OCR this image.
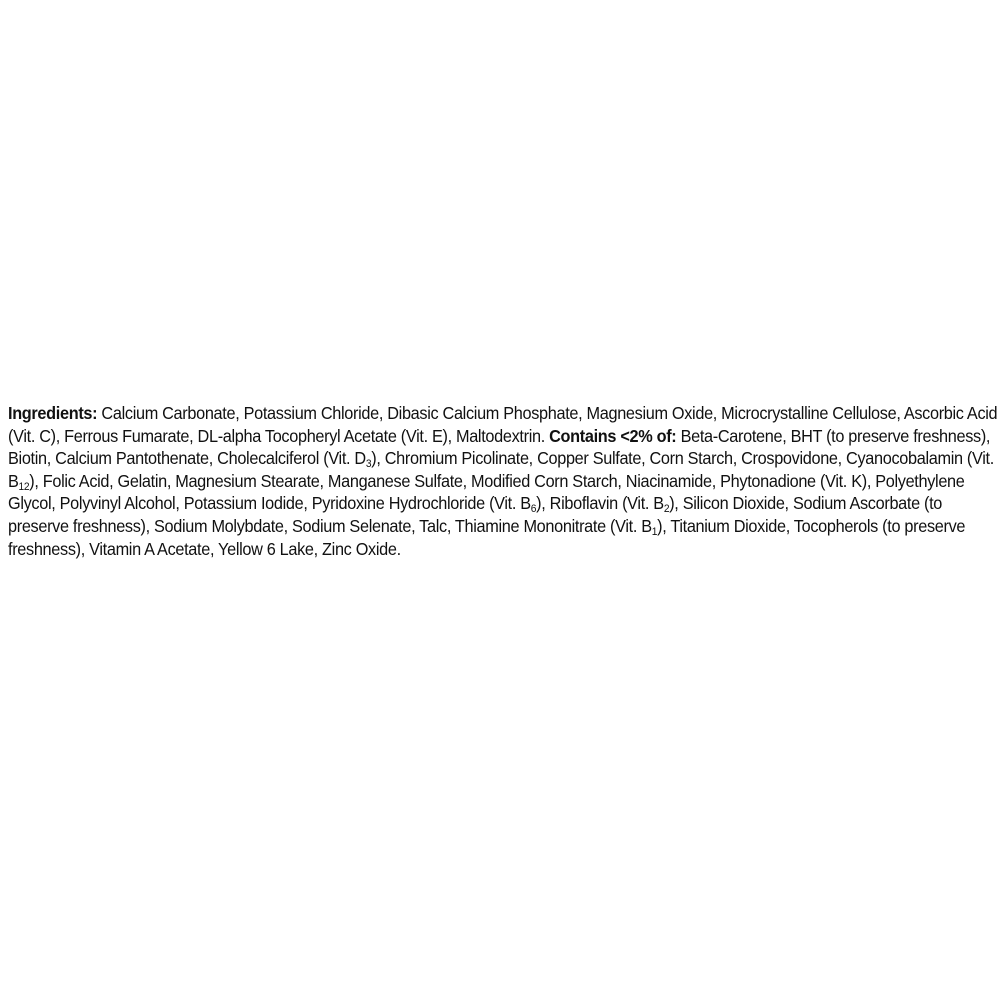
Ingredients: Calcium Carbonate, Potassium Chloride, Dibasic Calcium Phosphate, Magnesium Oxide, Microcrystalline Cellulose, Ascorbic Acid (Vit. C), Ferrous Fumarate, DL-alpha Tocopheryl Acetate (Vit. E), Maltodextrin. Contains <2% of: Beta-Carotene, BHT (to preserve freshness), Biotin, Calcium Pantothenate, Cholecalciferol (Vit. $D_3$), Chromium Picolinate, Copper Sulfate, Corn Starch, Crospovidone, Cyanocobalamin (Vit. $B_{12}$), Folic Acid, Gelatin, Magnesium Stearate, Manganese Sulfate, Modified Corn Starch, Niacinamide, Phytonadione (Vit. K), Polyethylene Glycol, Polyvinyl Alcohol, Potassium Iodide, Pyridoxine Hydrochloride (Vit. $B_6$), Riboflavin (Vit. $B_2$), Silicon Dioxide, Sodium Ascorbate (to preserve freshness), Sodium Molybdate, Sodium Selenate, Talc, Thiamine Mononitrate (Vit. $B_1$), Titanium Dioxide, Tocopherols (to preserve freshness), Vitamin A Acetate, Yellow 6 Lake, Zinc Oxide.
